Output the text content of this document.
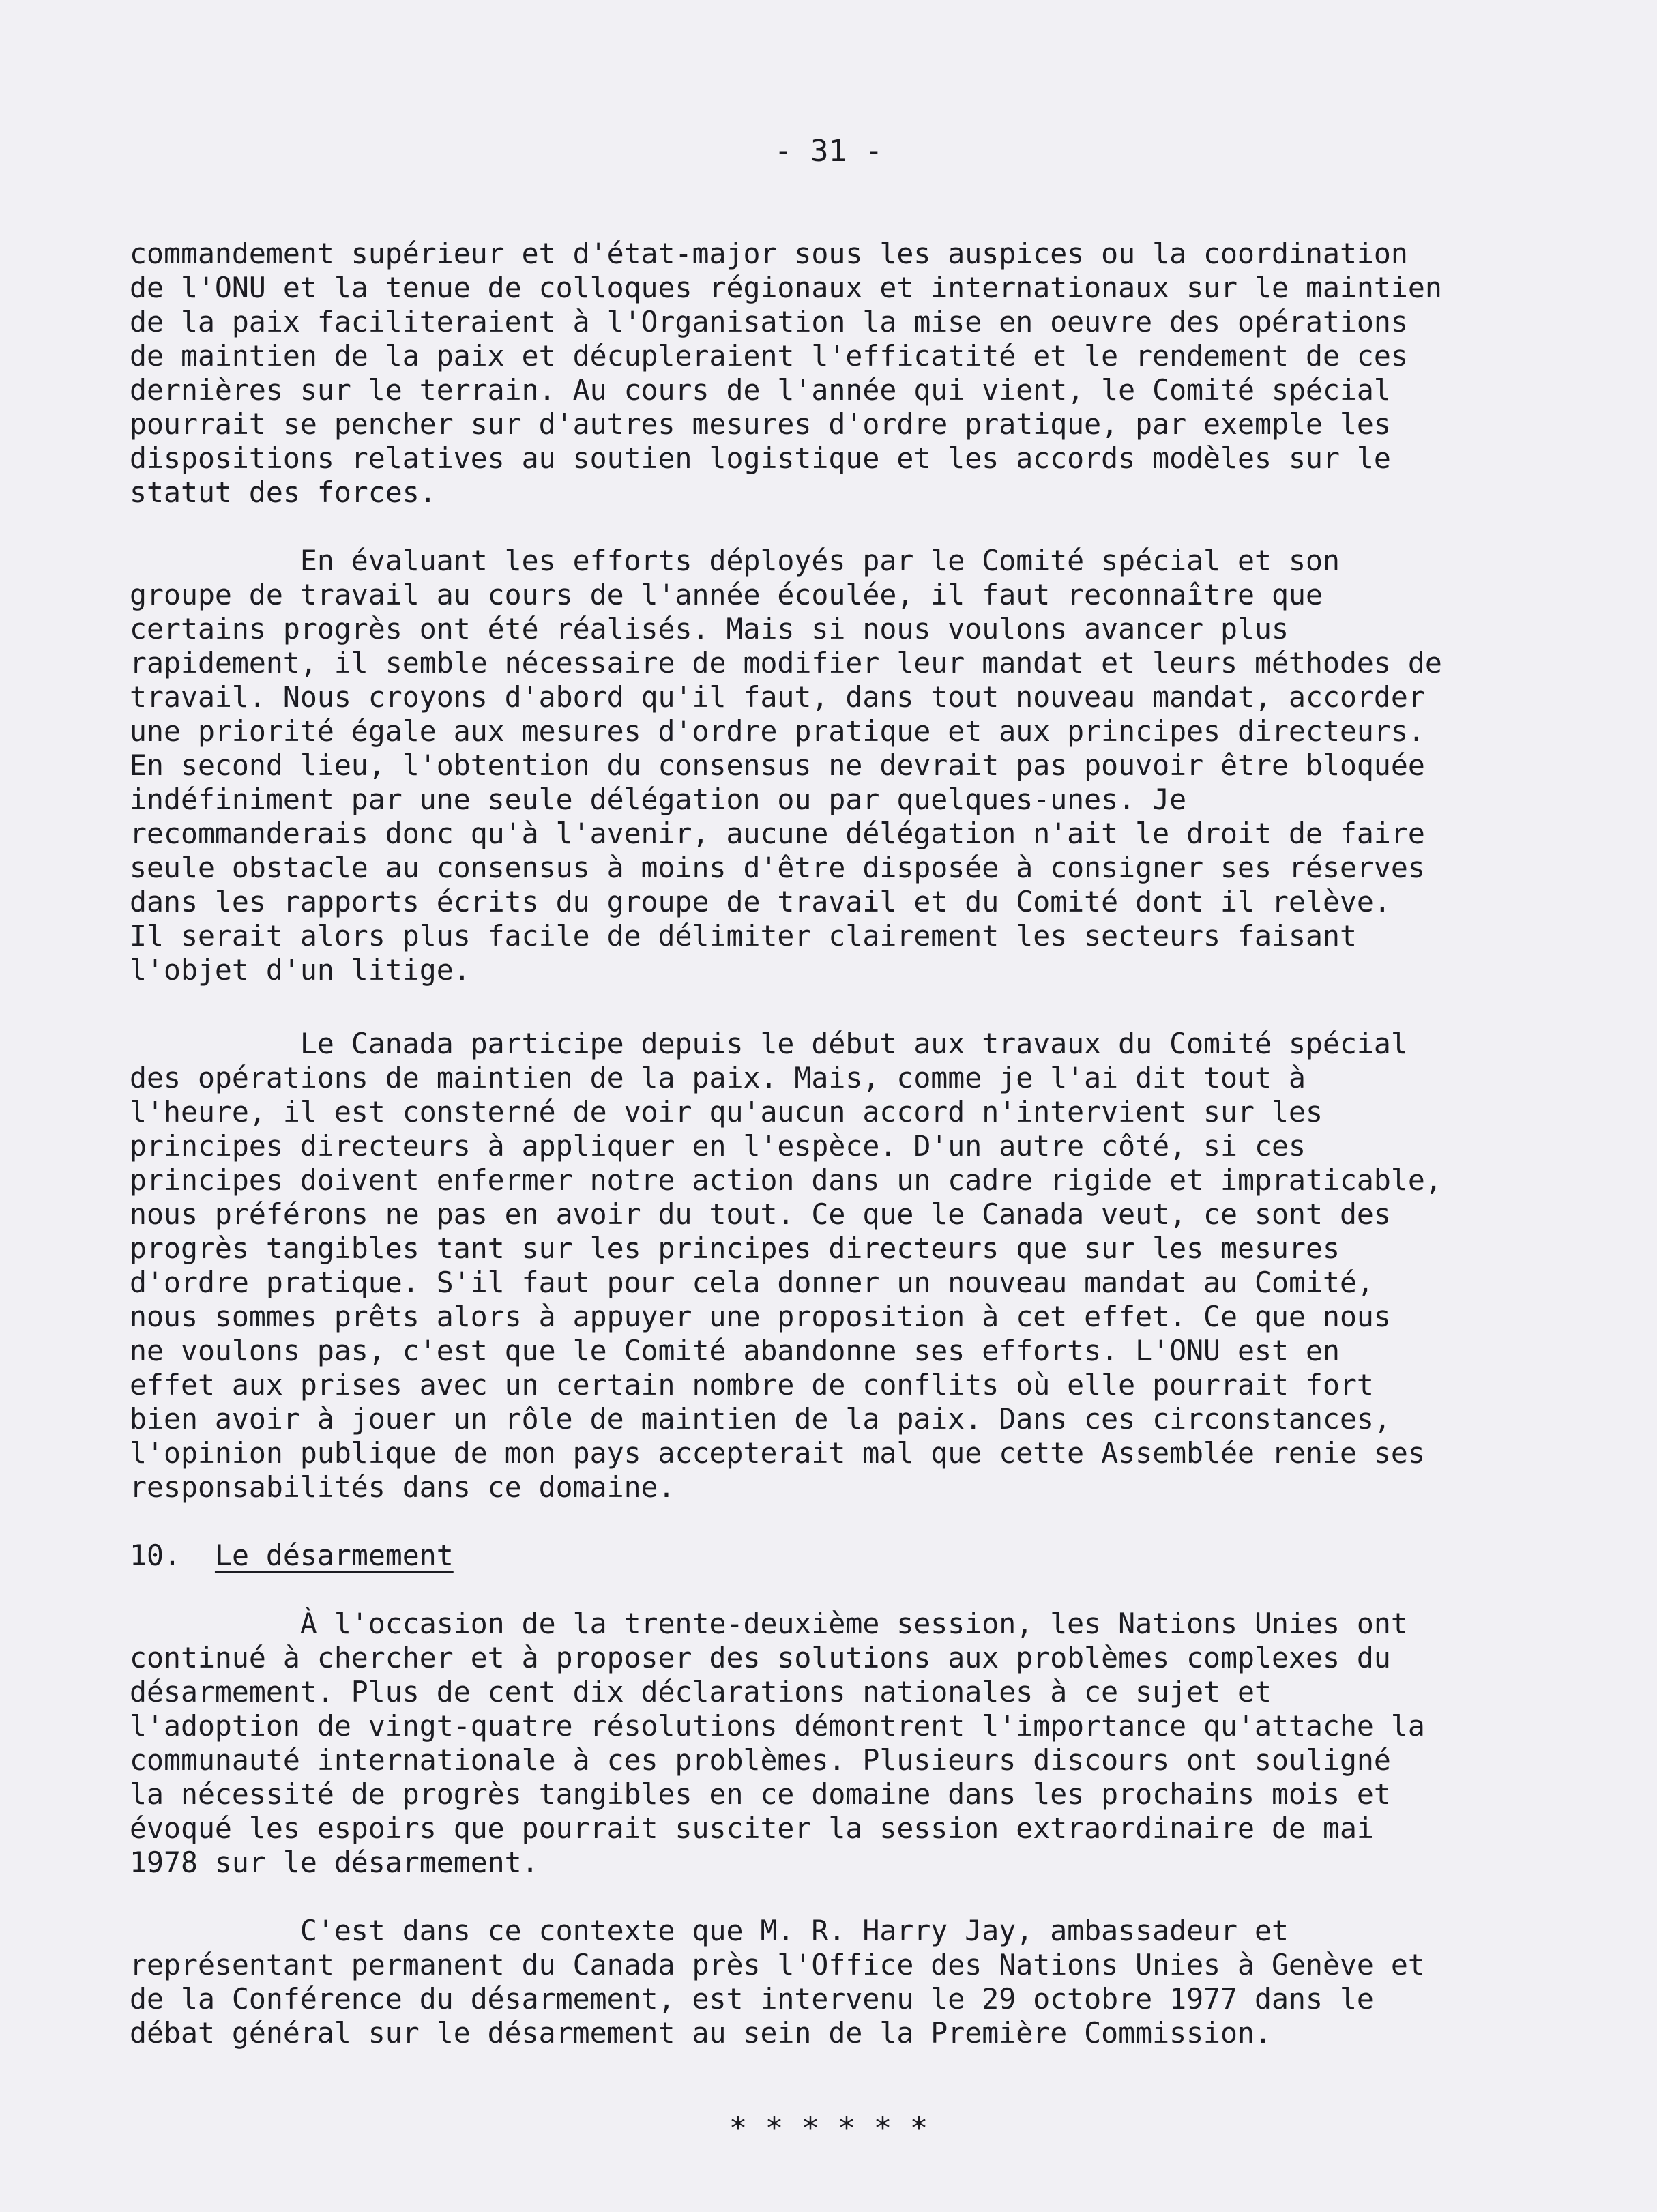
- 31 -

commandement supérieur et d'état-major sous les auspices ou la coordination

de l'ONU et la tenue de colloques régionaux et internationaux sur le maintien

de la paix faciliteraient à l'Organisation la mise en oeuvre des opérations

de maintien de la paix et décupleraient l'efficatité et le rendement de ces

dernières sur le terrain. Au cours de l'année qui vient, le Comité spécial

pourrait se pencher sur d'autres mesures d'ordre pratique, par exemple les

dispositions relatives au soutien logistique et les accords modèles sur le

statut des forces.

En évaluant les efforts déployés par le Comité spécial et son

groupe de travail au cours de l'année écoulée, il faut reconnaître que

certains progrès ont été réalisés. Mais si nous voulons avancer plus

rapidement, il semble nécessaire de modifier leur mandat et leurs méthodes de

travail. Nous croyons d'abord qu'il faut, dans tout nouveau mandat, accorder

une priorité égale aux mesures d'ordre pratique et aux principes directeurs.

En second lieu, l'obtention du consensus ne devrait pas pouvoir être bloquée

indéfiniment par une seule délégation ou par quelques-unes. Je

recommanderais donc qu'à l'avenir, aucune délégation n'ait le droit de faire

seule obstacle au consensus à moins d'être disposée à consigner ses réserves

dans les rapports écrits du groupe de travail et du Comité dont il relève.

Il serait alors plus facile de délimiter clairement les secteurs faisant

l'objet d'un litige.

Le Canada participe depuis le début aux travaux du Comité spécial

des opérations de maintien de la paix. Mais, comme je l'ai dit tout à

l'heure, il est consterné de voir qu'aucun accord n'intervient sur les

principes directeurs à appliquer en l'espèce. D'un autre côté, si ces

principes doivent enfermer notre action dans un cadre rigide et impraticable,

nous préférons ne pas en avoir du tout. Ce que le Canada veut, ce sont des

progrès tangibles tant sur les principes directeurs que sur les mesures

d'ordre pratique. S'il faut pour cela donner un nouveau mandat au Comité,

nous sommes prêts alors à appuyer une proposition à cet effet. Ce que nous

ne voulons pas, c'est que le Comité abandonne ses efforts. L'ONU est en

effet aux prises avec un certain nombre de conflits où elle pourrait fort

bien avoir à jouer un rôle de maintien de la paix. Dans ces circonstances,

l'opinion publique de mon pays accepterait mal que cette Assemblée renie ses

responsabilités dans ce domaine.

10. Le désarmement

À l'occasion de la trente-deuxième session, les Nations Unies ont

continué à chercher et à proposer des solutions aux problèmes complexes du

désarmement. Plus de cent dix déclarations nationales à ce sujet et

l'adoption de vingt-quatre résolutions démontrent l'importance qu'attache la

communauté internationale à ces problèmes. Plusieurs discours ont souligné

la nécessité de progrès tangibles en ce domaine dans les prochains mois et

évoqué les espoirs que pourrait susciter la session extraordinaire de mai

1978 sur le désarmement.

C'est dans ce contexte que M. R. Harry Jay, ambassadeur et

représentant permanent du Canada près l'Office des Nations Unies à Genève et

de la Conférence du désarmement, est intervenu le 29 octobre 1977 dans le

débat général sur le désarmement au sein de la Première Commission.

* * * * * *
